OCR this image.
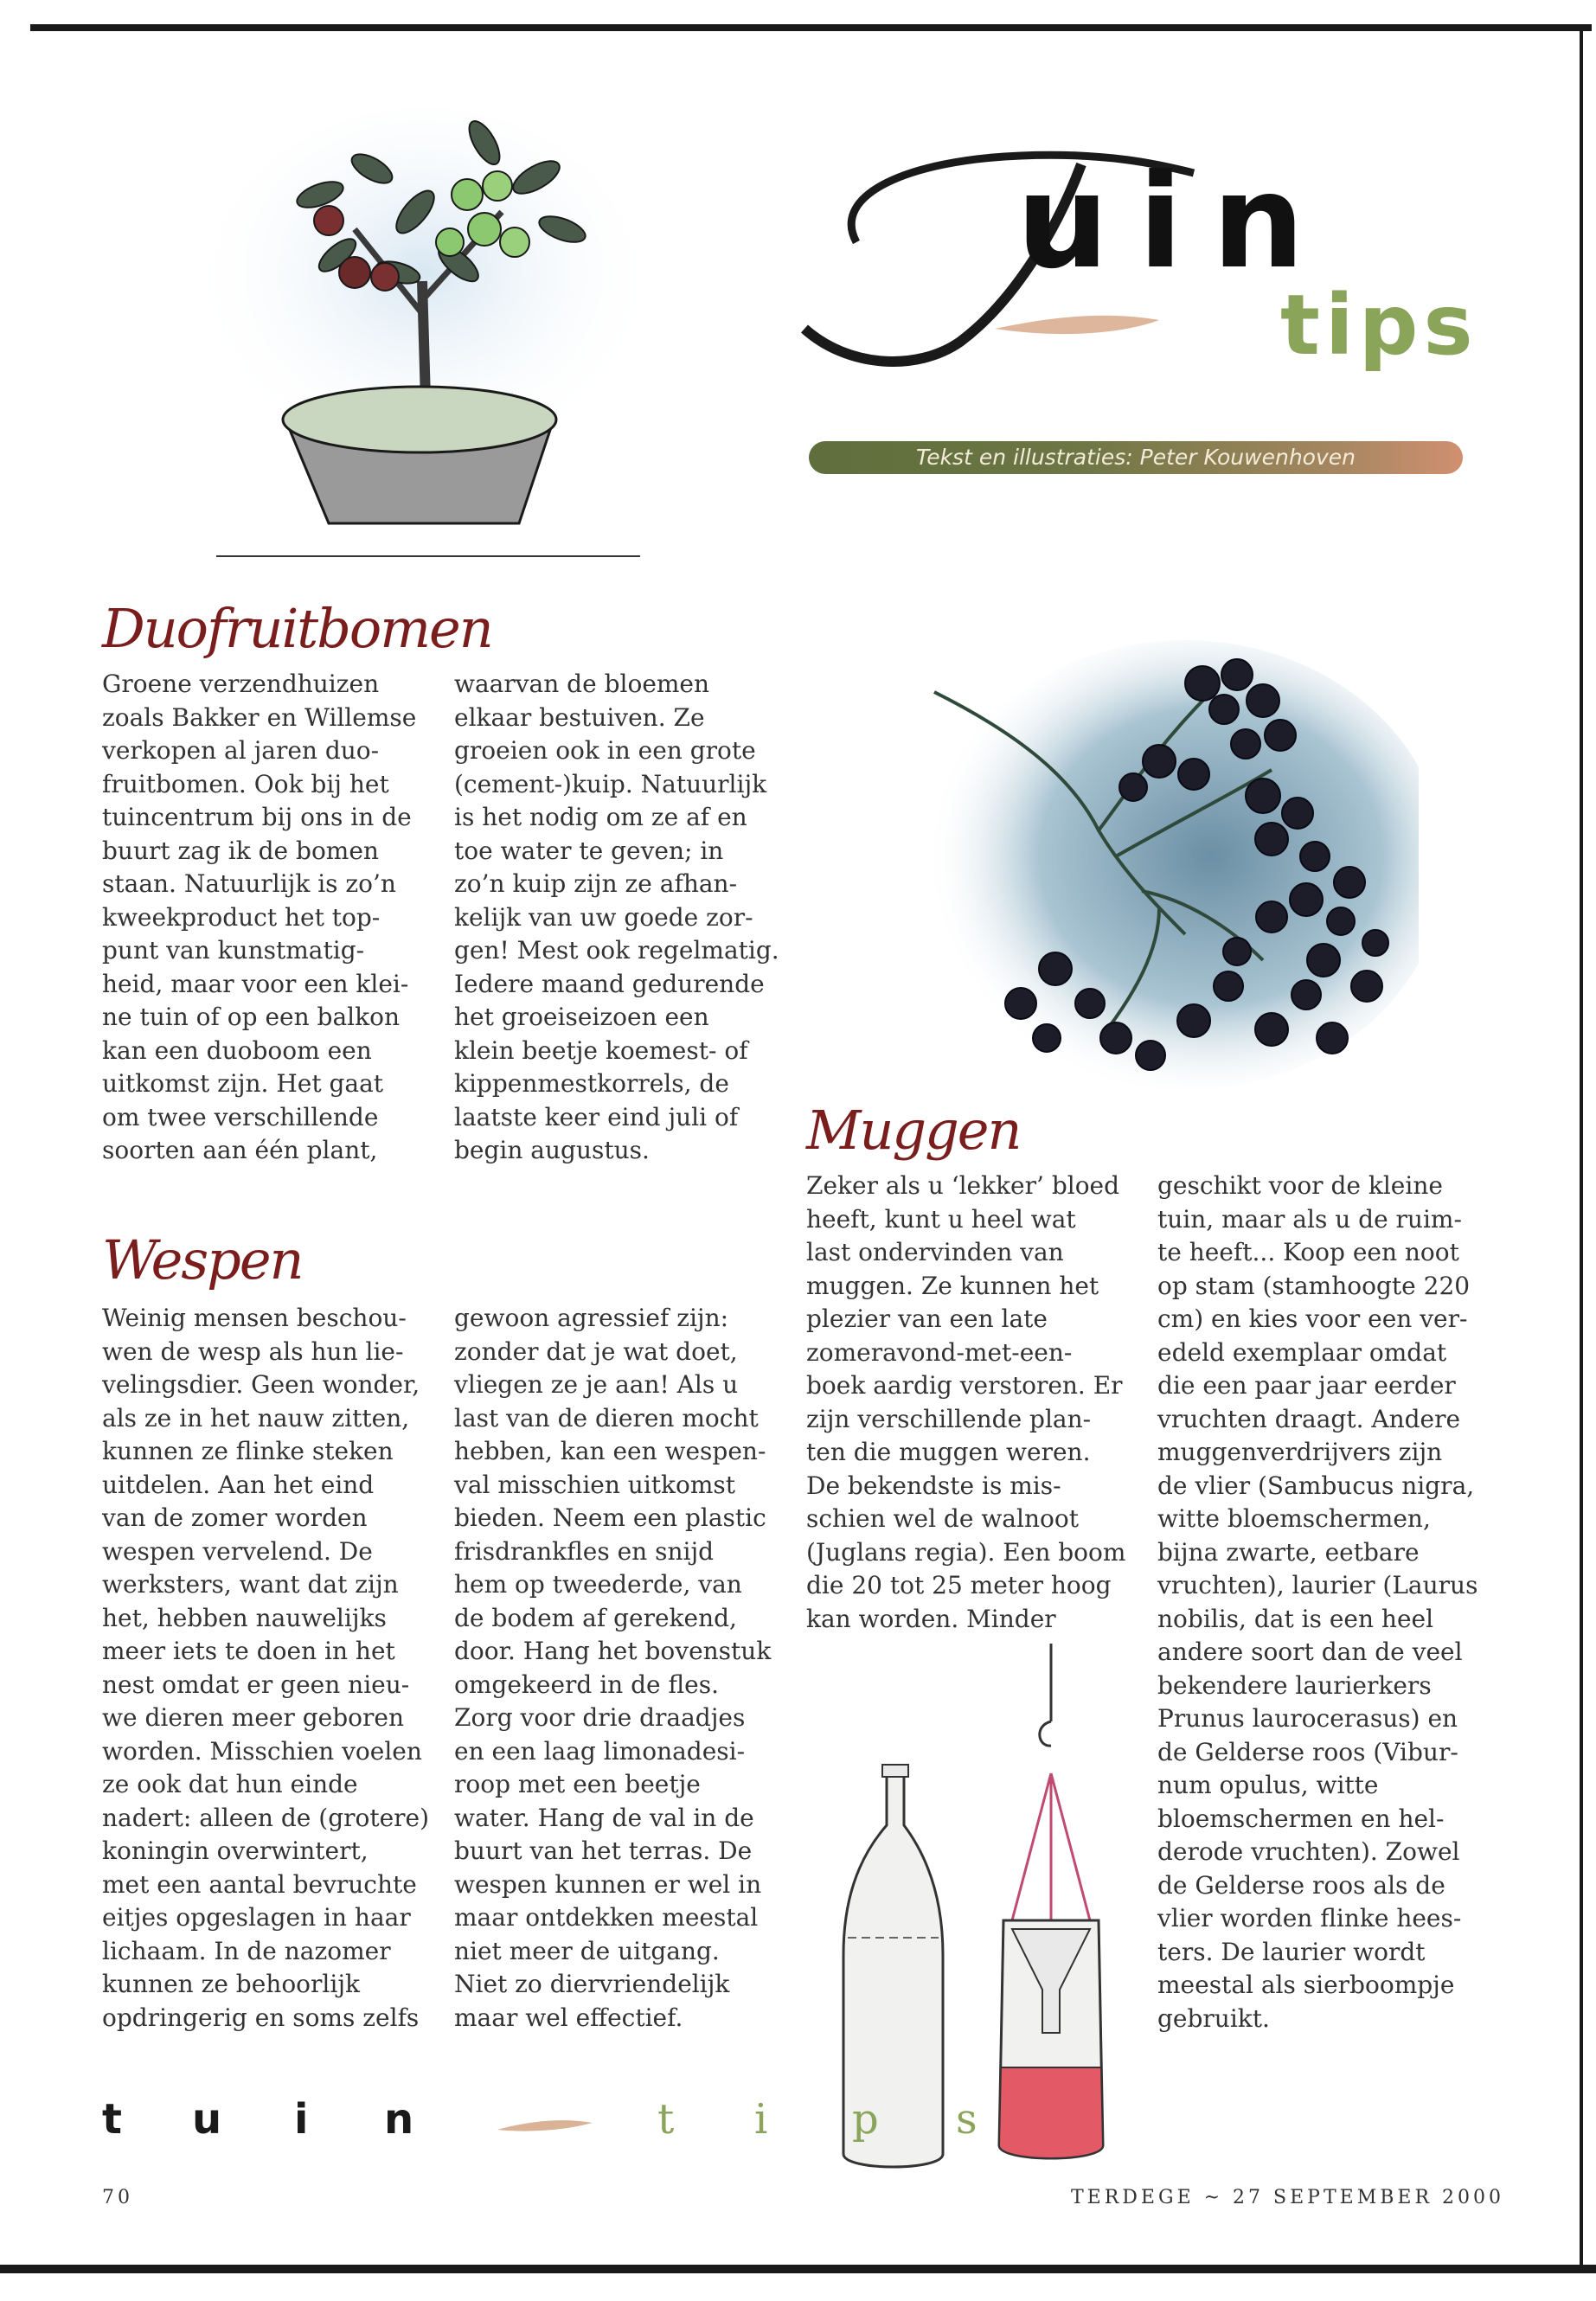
uin
tips
Tekst en illustraties: Peter Kouwenhoven
Duofruitbomen
Groene verzendhuizen
zoals Bakker en Willemse
verkopen al jaren duo-
fruitbomen. Ook bij het
tuincentrum bij ons in de
buurt zag ik de bomen
staan. Natuurlijk is zo’n
kweekproduct het top-
punt van kunstmatig-
heid, maar voor een klei-
ne tuin of op een balkon
kan een duoboom een
uitkomst zijn. Het gaat
om twee verschillende
soorten aan één plant,
waarvan de bloemen
elkaar bestuiven. Ze
groeien ook in een grote
(cement-)kuip. Natuurlijk
is het nodig om ze af en
toe water te geven; in
zo’n kuip zijn ze afhan-
kelijk van uw goede zor-
gen! Mest ook regelmatig.
Iedere maand gedurende
het groeiseizoen een
klein beetje koemest- of
kippenmestkorrels, de
laatste keer eind juli of
begin augustus.	Muggen
Zeker als u ‘lekker’ bloed
heeft, kunt u heel wat
last ondervinden van
muggen. Ze kunnen het
plezier van een late
zomeravond-met-een-
boek aardig verstoren. Er
zijn verschillende plan-
ten die muggen weren.
De bekendste is mis-
schien wel de walnoot
(Juglans regia). Een boom
die 20 tot 25 meter hoog
kan worden. Minder
geschikt voor de kleine
tuin, maar als u de ruim-
te heeft... Koop een noot
op stam (stamhoogte 220
cm) en kies voor een ver-
edeld exemplaar omdat
die een paar jaar eerder
vruchten draagt. Andere
muggenverdrijvers zijn
de vlier (Sambucus nigra,
witte bloemschermen,
bijna zwarte, eetbare
vruchten), laurier (Laurus
nobilis, dat is een heel
andere soort dan de veel
bekendere laurierkers
Prunus laurocerasus) en
de Gelderse roos (Vibur-
num opulus, witte
bloemschermen en hel-
derode vruchten). Zowel
de Gelderse roos als de
vlier worden flinke hees-
ters. De laurier wordt
meestal als sierboompje
gebruikt.
Wespen
Weinig mensen beschou-
wen de wesp als hun lie-
velingsdier. Geen wonder,
als ze in het nauw zitten,
kunnen ze flinke steken
uitdelen. Aan het eind
van de zomer worden
wespen vervelend. De
werksters, want dat zijn
het, hebben nauwelijks
meer iets te doen in het
nest omdat er geen nieu-
we dieren meer geboren
worden. Misschien voelen
ze ook dat hun einde
nadert: alleen de (grotere)
koningin overwintert,
met een aantal bevruchte
eitjes opgeslagen in haar
lichaam. In de nazomer
kunnen ze behoorlijk
opdringerig en soms zelfs
gewoon agressief zijn:
zonder dat je wat doet,
vliegen ze je aan! Als u
last van de dieren mocht
hebben, kan een wespen-
val misschien uitkomst
bieden. Neem een plastic
frisdrankfles en snijd
hem op tweederde, van
de bodem af gerekend,
door. Hang het bovenstuk
omgekeerd in de fles.
Zorg voor drie draadjes
en een laag limonadesi-
roop met een beetje
water. Hang de val in de
buurt van het terras. De
wespen kunnen er wel in
maar ontdekken meestal
niet meer de uitgang.
Niet zo diervriendelijk
maar wel effectief.
t u i n	t i p s
70	TERDEGE ~ 27 SEPTEMBER 2000
